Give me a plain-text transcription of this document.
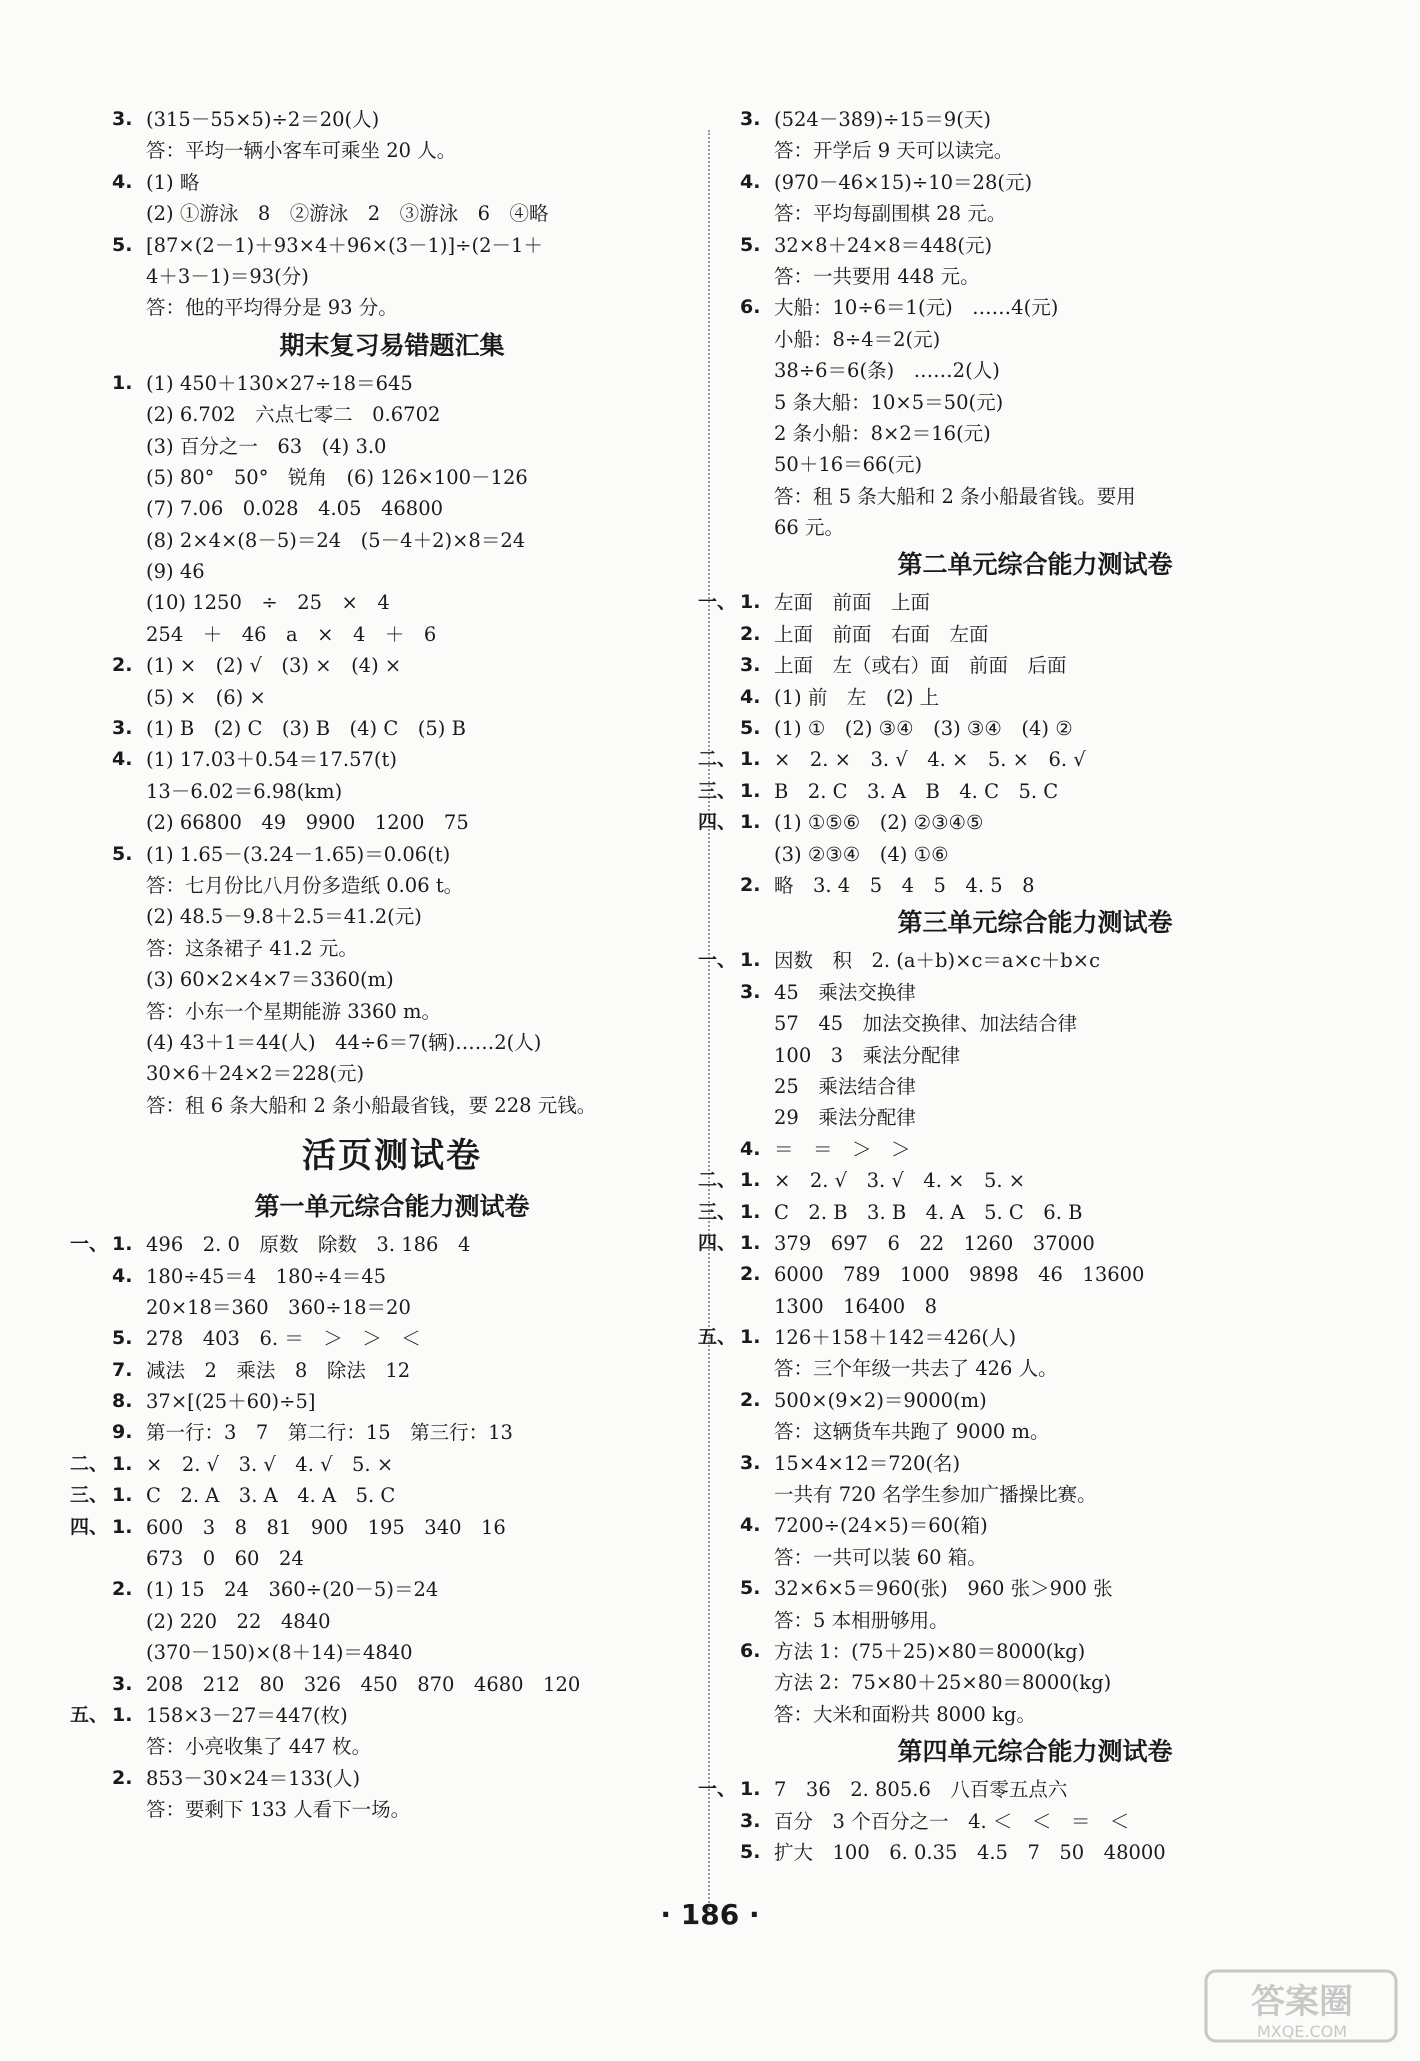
3. (315－55×5)÷2＝20(人)
答：平均一辆小客车可乘坐 20 人。
4. (1) 略
(2) ①游泳　8　②游泳　2　③游泳　6　④略
5. [87×(2－1)＋93×4＋96×(3－1)]÷(2－1＋
4＋3－1)＝93(分)
答：他的平均得分是 93 分。
期末复习易错题汇集
1. (1) 450＋130×27÷18＝645
(2) 6.702　六点七零二　0.6702
(3) 百分之一　63　(4) 3.0
(5) 80°　50°　锐角　(6) 126×100－126
(7) 7.06　0.028　4.05　46800
(8) 2×4×(8－5)＝24　(5－4＋2)×8＝24
(9) 46
(10) 1250　÷　25　×　4
254　＋　46　a　×　4　＋　6
2. (1) ×　(2) √　(3) ×　(4) ×
(5) ×　(6) ×
3. (1) B　(2) C　(3) B　(4) C　(5) B
4. (1) 17.03＋0.54＝17.57(t)
13－6.02＝6.98(km)
(2) 66800　49　9900　1200　75
5. (1) 1.65－(3.24－1.65)＝0.06(t)
答：七月份比八月份多造纸 0.06 t。
(2) 48.5－9.8＋2.5＝41.2(元)
答：这条裙子 41.2 元。
(3) 60×2×4×7＝3360(m)
答：小东一个星期能游 3360 m。
(4) 43＋1＝44(人)　44÷6＝7(辆)……2(人)
30×6＋24×2＝228(元)
答：租 6 条大船和 2 条小船最省钱，要 228 元钱。
活页测试卷
第一单元综合能力测试卷
一、 1. 496　2. 0　原数　除数　3. 186　4
4. 180÷45＝4　180÷4＝45
20×18＝360　360÷18＝20
5. 278　403　6. ＝　＞　＞　＜
7. 减法　2　乘法　8　除法　12
8. 37×[(25＋60)÷5]
9. 第一行：3　7　第二行：15　第三行：13
二、 1. ×　2. √　3. √　4. √　5. ×
三、 1. C　2. A　3. A　4. A　5. C
四、 1. 600　3　8　81　900　195　340　16
673　0　60　24
2. (1) 15　24　360÷(20－5)＝24
(2) 220　22　4840
(370－150)×(8＋14)＝4840
3. 208　212　80　326　450　870　4680　120
五、 1. 158×3－27＝447(枚)
答：小亮收集了 447 枚。
2. 853－30×24＝133(人)
答：要剩下 133 人看下一场。
3. (524－389)÷15＝9(天)
答：开学后 9 天可以读完。
4. (970－46×15)÷10＝28(元)
答：平均每副围棋 28 元。
5. 32×8＋24×8＝448(元)
答：一共要用 448 元。
6. 大船：10÷6＝1(元)　……4(元)
小船：8÷4＝2(元)
38÷6＝6(条)　……2(人)
5 条大船：10×5＝50(元)
2 条小船：8×2＝16(元)
50＋16＝66(元)
答：租 5 条大船和 2 条小船最省钱。要用
66 元。
第二单元综合能力测试卷
一、 1. 左面　前面　上面
2. 上面　前面　右面　左面
3. 上面　左（或右）面　前面　后面
4. (1) 前　左　(2) 上
5. (1) ①　(2) ③④　(3) ③④　(4) ②
二、 1. ×　2. ×　3. √　4. ×　5. ×　6. √
三、 1. B　2. C　3. A　B　4. C　5. C
四、 1. (1) ①⑤⑥　(2) ②③④⑤
(3) ②③④　(4) ①⑥
2. 略　3. 4　5　4　5　4. 5　8
第三单元综合能力测试卷
一、 1. 因数　积　2. (a＋b)×c＝a×c＋b×c
3. 45　乘法交换律
57　45　加法交换律、加法结合律
100　3　乘法分配律
25　乘法结合律
29　乘法分配律
4. ＝　＝　＞　＞
二、 1. ×　2. √　3. √　4. ×　5. ×
三、 1. C　2. B　3. B　4. A　5. C　6. B
四、 1. 379　697　6　22　1260　37000
2. 6000　789　1000　9898　46　13600
1300　16400　8
五、 1. 126＋158＋142＝426(人)
答：三个年级一共去了 426 人。
2. 500×(9×2)＝9000(m)
答：这辆货车共跑了 9000 m。
3. 15×4×12＝720(名)
一共有 720 名学生参加广播操比赛。
4. 7200÷(24×5)＝60(箱)
答：一共可以装 60 箱。
5. 32×6×5＝960(张)　960 张＞900 张
答：5 本相册够用。
6. 方法 1：(75＋25)×80＝8000(kg)
方法 2：75×80＋25×80＝8000(kg)
答：大米和面粉共 8000 kg。
第四单元综合能力测试卷
一、 1. 7　36　2. 805.6　八百零五点六
3. 百分　3 个百分之一　4. ＜　＜　＝　＜
5. 扩大　100　6. 0.35　4.5　7　50　48000
· 186 ·
答案圈
MXQE.COM
